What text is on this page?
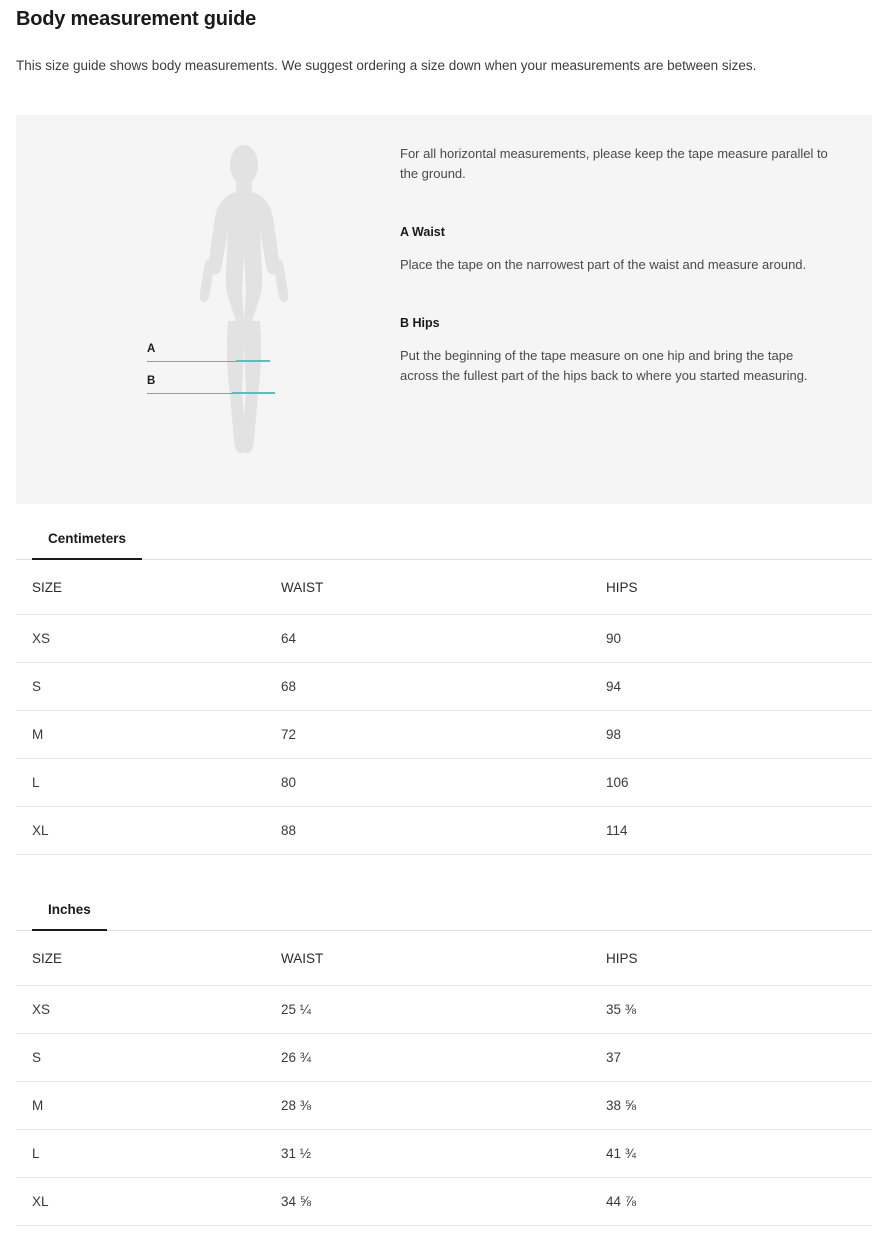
Body measurement guide

This size guide shows body measurements. We suggest ordering a size down when your measurements are between sizes.

A
B

For all horizontal measurements, please keep the tape measure parallel to the ground.

A Waist

Place the tape on the narrowest part of the waist and measure around.

B Hips

Put the beginning of the tape measure on one hip and bring the tape across the fullest part of the hips back to where you started measuring.

Centimeters
SIZE	WAIST	HIPS
XS	64	90
S	68	94
M	72	98
L	80	106
XL	88	114
Inches
SIZE	WAIST	HIPS
XS	25 ¼	35 ⅜
S	26 ¾	37
M	28 ⅜	38 ⅝
L	31 ½	41 ¾
XL	34 ⅝	44 ⅞
